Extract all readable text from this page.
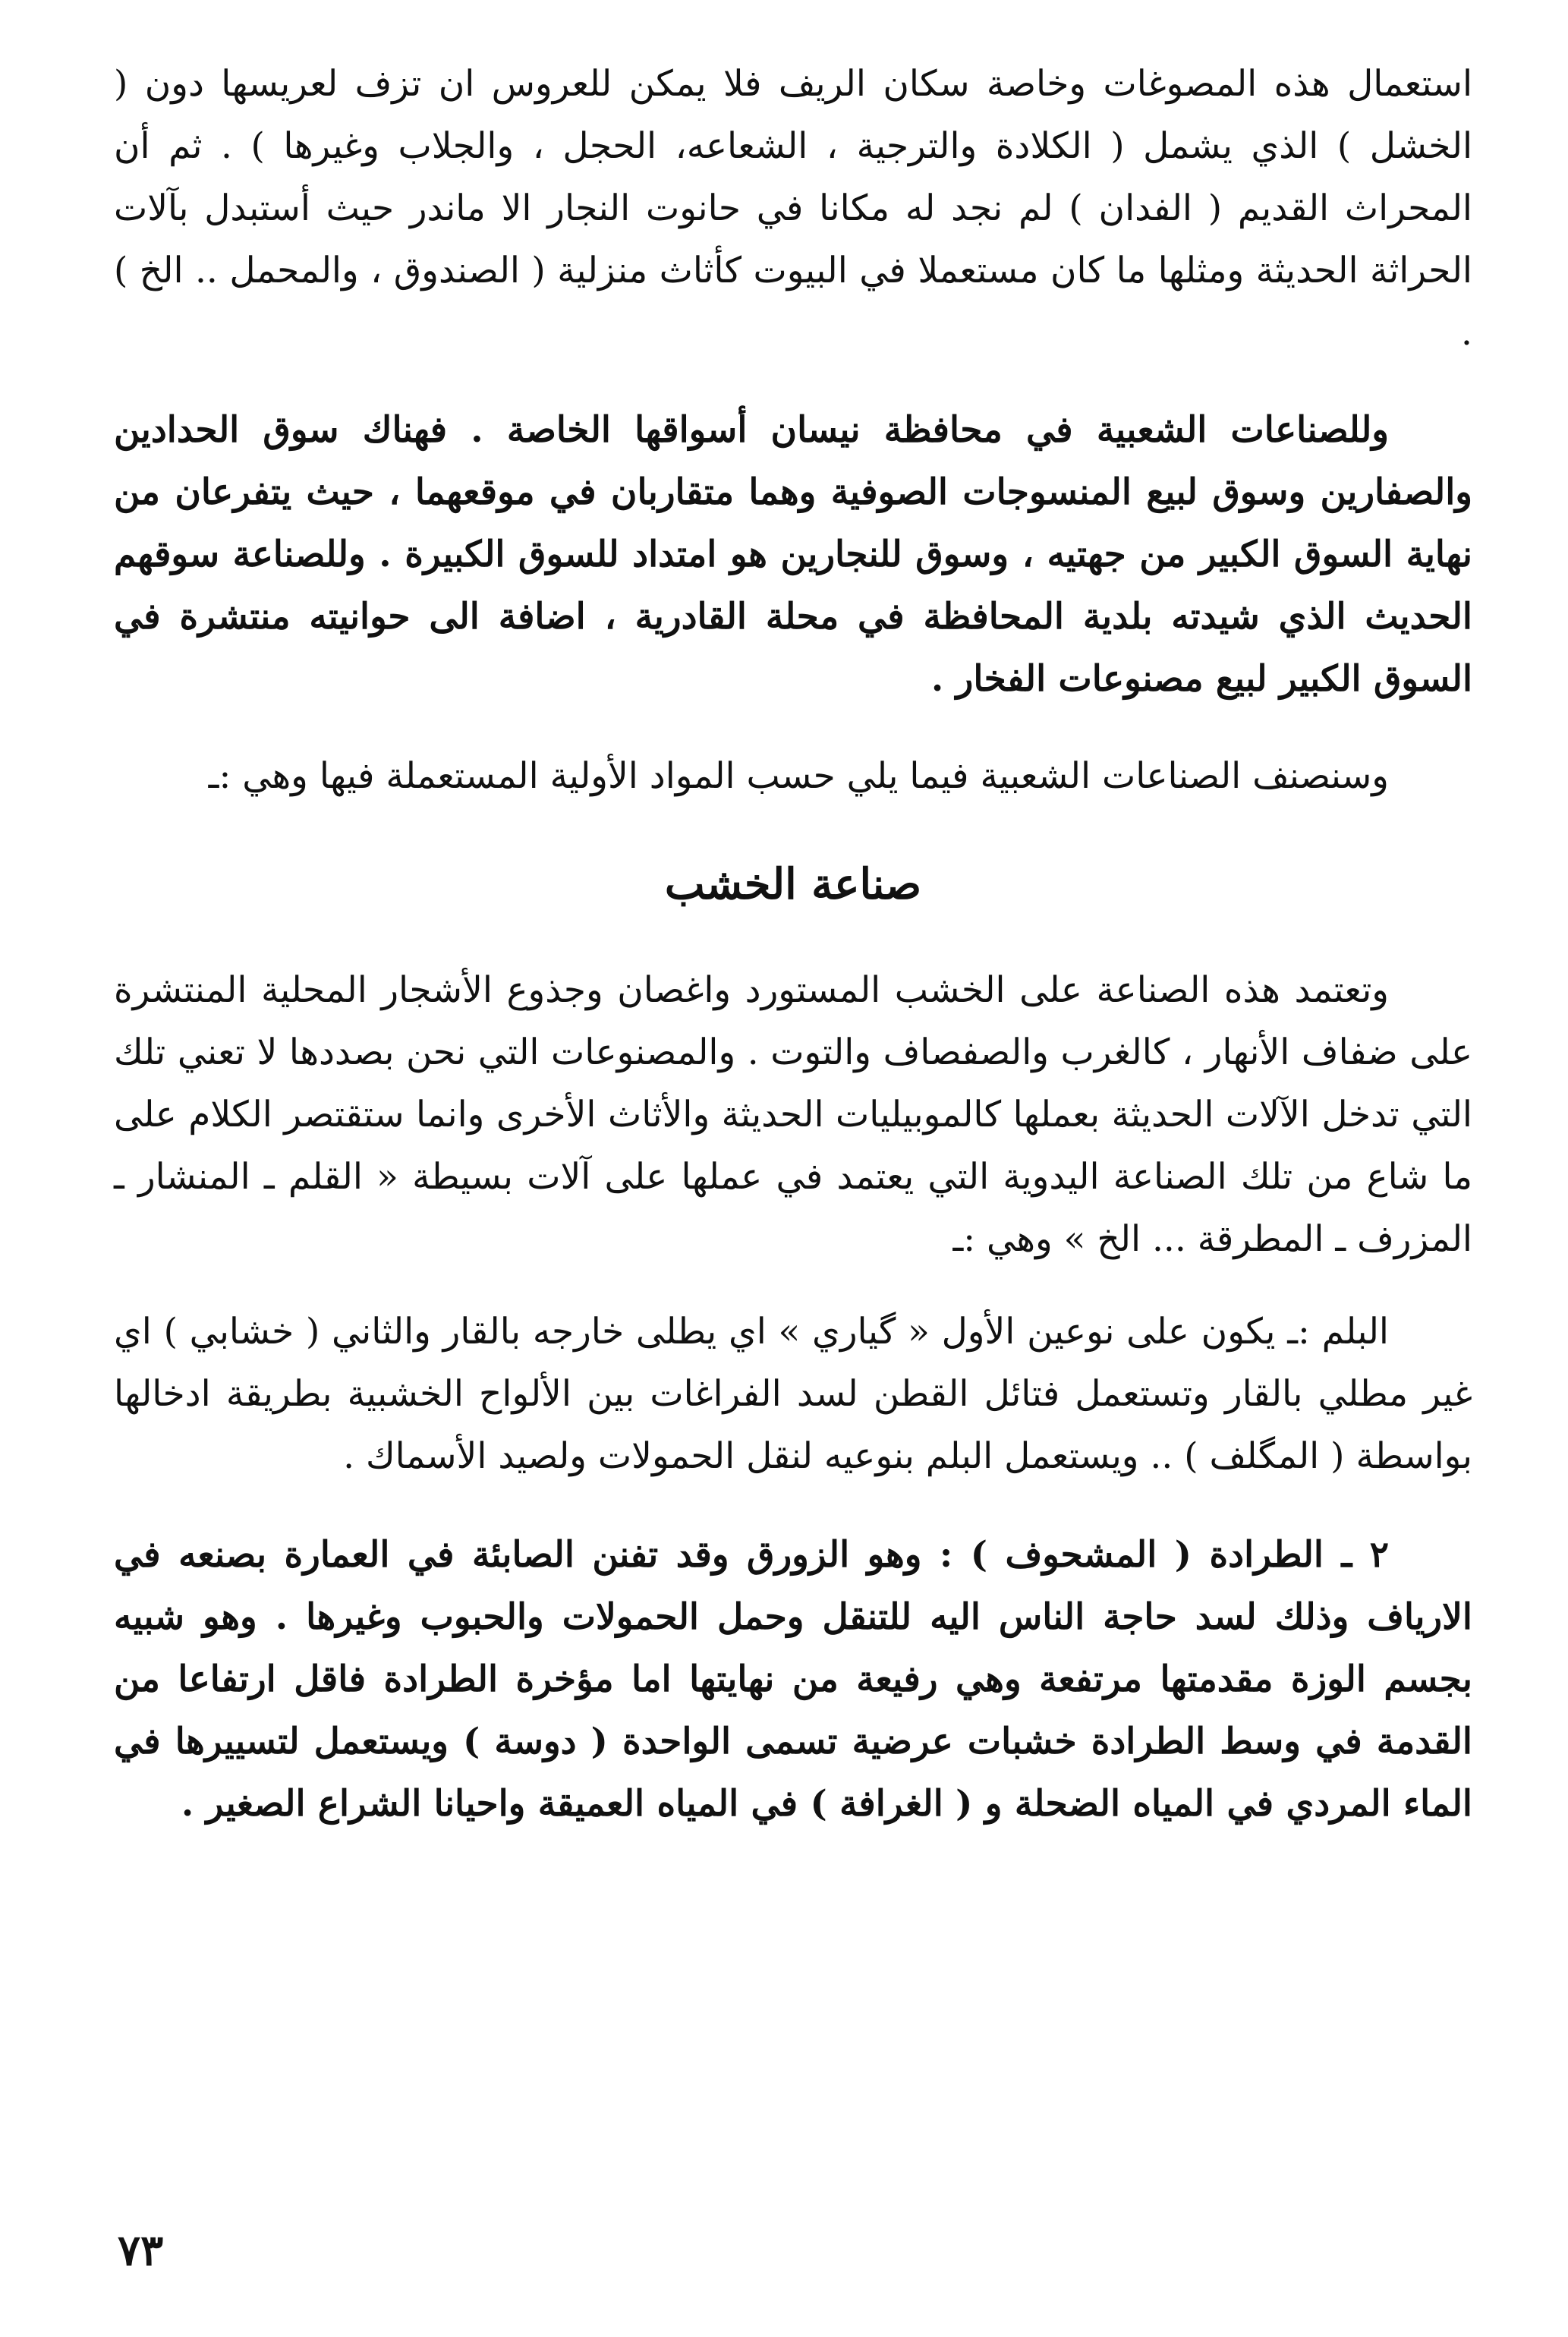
استعمال هذه المصوغات وخاصة سكان الريف فلا يمكن للعروس ان تزف لعريسها دون ( الخشل ) الذي يشمل ( الكلادة والترجية ، الشعاعه، الحجل ، والجلاب وغيرها ) . ثم أن المحراث القديم ( الفدان ) لم نجد له مكانا في حانوت النجار الا ماندر حيث أستبدل بآلات الحراثة الحديثة ومثلها ما كان مستعملا في البيوت كأثاث منزلية ( الصندوق ، والمحمل .. الخ ) .

وللصناعات الشعبية في محافظة نيسان أسواقها الخاصة . فهناك سوق الحدادين والصفارين وسوق لبيع المنسوجات الصوفية وهما متقاربان في موقعهما ، حيث يتفرعان من نهاية السوق الكبير من جهتيه ، وسوق للنجارين هو امتداد للسوق الكبيرة . وللصناعة سوقهم الحديث الذي شيدته بلدية المحافظة في محلة القادرية ، اضافة الى حوانيته منتشرة في السوق الكبير لبيع مصنوعات الفخار .

وسنصنف الصناعات الشعبية فيما يلي حسب المواد الأولية المستعملة فيها وهي :ـ

صناعة الخشب

وتعتمد هذه الصناعة على الخشب المستورد واغصان وجذوع الأشجار المحلية المنتشرة على ضفاف الأنهار ، كالغرب والصفصاف والتوت . والمصنوعات التي نحن بصددها لا تعني تلك التي تدخل الآلات الحديثة بعملها كالموبيليات الحديثة والأثاث الأخرى وانما ستقتصر الكلام على ما شاع من تلك الصناعة اليدوية التي يعتمد في عملها على آلات بسيطة « القلم ـ المنشار ـ المزرف ـ المطرقة ... الخ » وهي :ـ

البلم :ـ يكون على نوعين الأول « گياري » اي يطلى خارجه بالقار والثاني ( خشابي ) اي غير مطلي بالقار وتستعمل فتائل القطن لسد الفراغات بين الألواح الخشبية بطريقة ادخالها بواسطة ( المگلف ) .. ويستعمل البلم بنوعيه لنقل الحمولات ولصيد الأسماك .

٢ ـ الطرادة ( المشحوف ) : وهو الزورق وقد تفنن الصابئة في العمارة بصنعه في الارياف وذلك لسد حاجة الناس اليه للتنقل وحمل الحمولات والحبوب وغيرها . وهو شبيه بجسم الوزة مقدمتها مرتفعة وهي رفيعة من نهايتها اما مؤخرة الطرادة فاقل ارتفاعا من القدمة في وسط الطرادة خشبات عرضية تسمى الواحدة ( دوسة ) ويستعمل لتسييرها في الماء المردي في المياه الضحلة و ( الغرافة ) في المياه العميقة واحيانا الشراع الصغير .

٧٣
